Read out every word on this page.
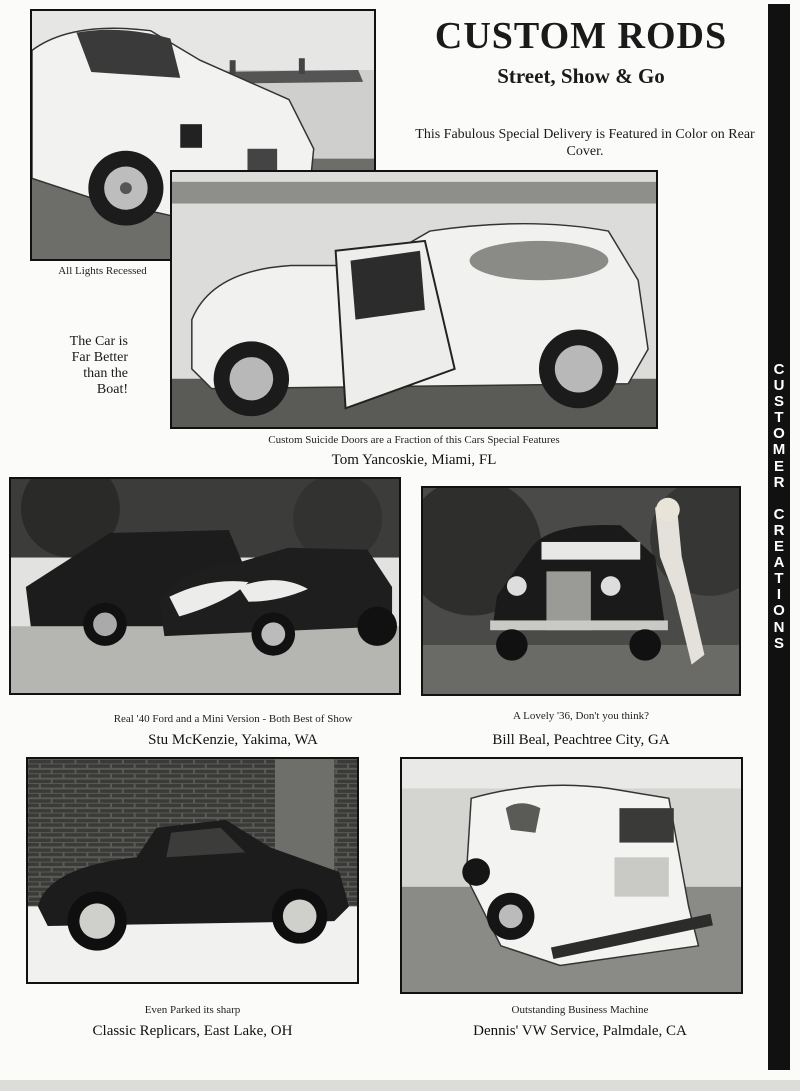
CUSTOM RODS
Street, Show & Go
This Fabulous Special Delivery is Featured in Color on Rear Cover.
All Lights Recessed
The Car is Far Better than the Boat!
Custom Suicide Doors are a Fraction of this Cars Special Features
Tom Yancoskie, Miami, FL
Real '40 Ford and a Mini Version - Both Best of Show
Stu McKenzie, Yakima, WA
A Lovely '36, Don't you think?
Bill Beal, Peachtree City, GA
Even Parked its sharp
Classic Replicars, East Lake, OH
Outstanding Business Machine
Dennis' VW Service, Palmdale, CA
C
U
S
T
O
M
E
R

C
R
E
A
T
I
O
N
S
